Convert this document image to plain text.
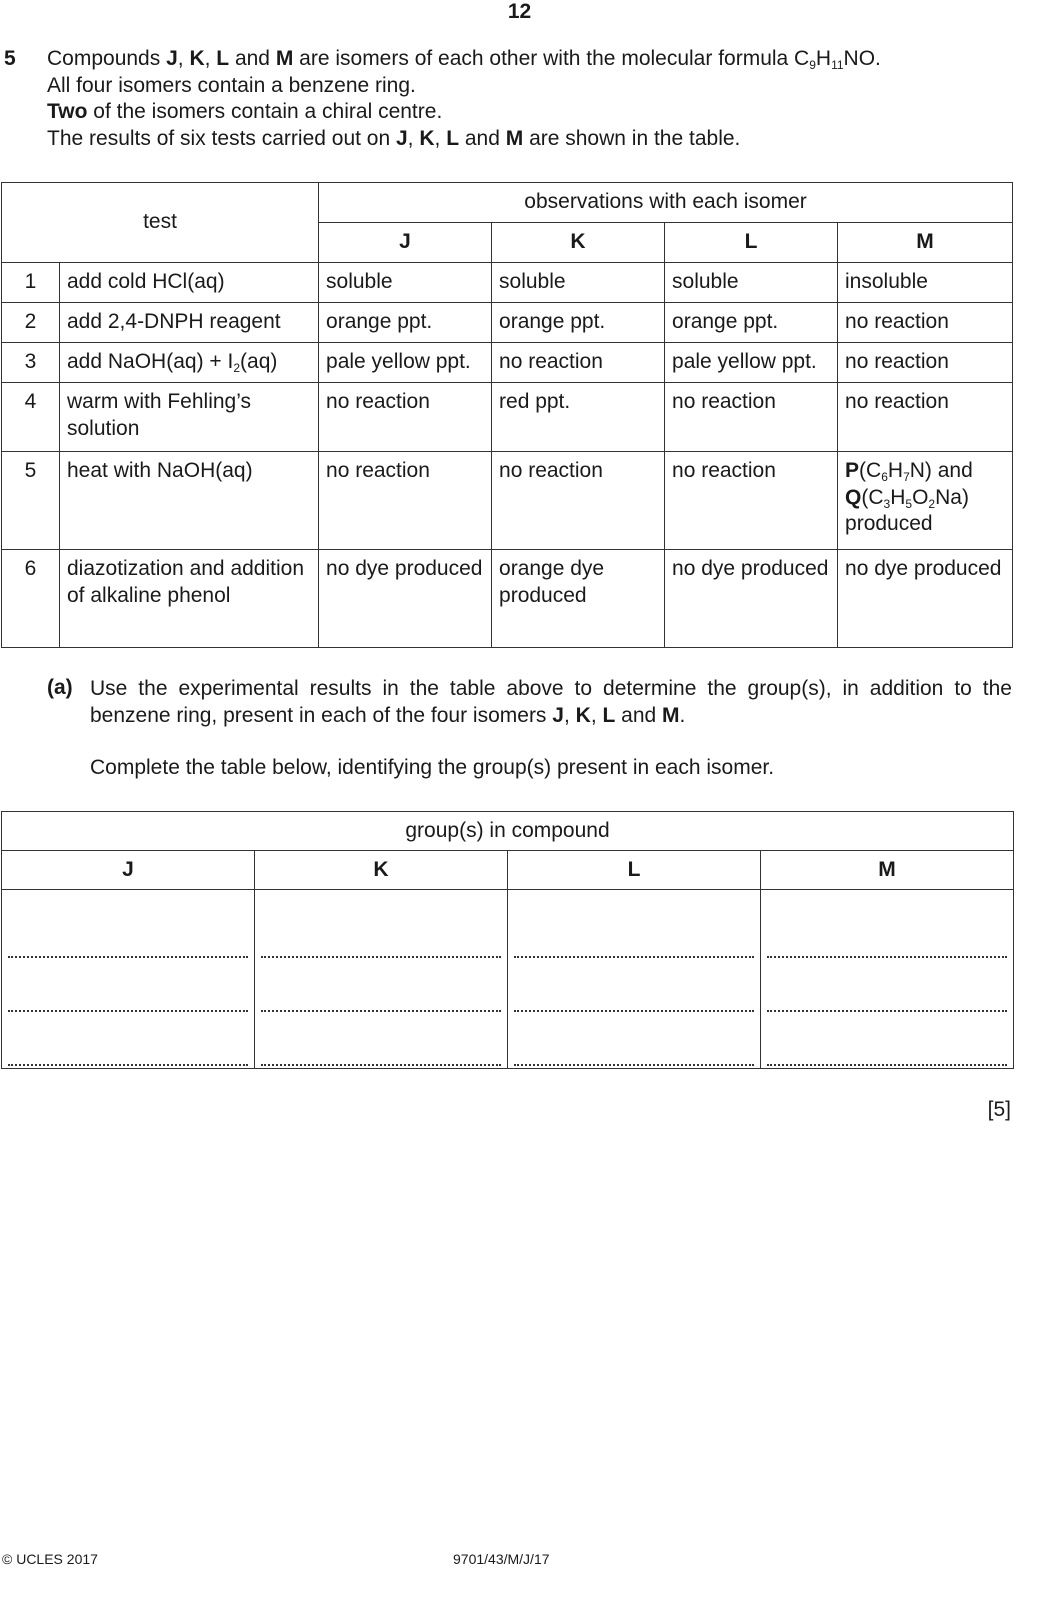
12
5 Compounds J, K, L and M are isomers of each other with the molecular formula $C_9H_{11}NO$.
All four isomers contain a benzene ring.
Two of the isomers contain a chiral centre.
The results of six tests carried out on J, K, L and M are shown in the table.
test		observations with each isomer			
		J	K	L	M
1	add cold HCl(aq)	soluble	soluble	soluble	insoluble
2	add 2,4-DNPH reagent	orange ppt.	orange ppt.	orange ppt.	no reaction
3	add NaOH(aq) + $I_2(aq)$	pale yellow ppt.	no reaction	pale yellow ppt.	no reaction
4	warm with Fehling’s solution	no reaction	red ppt.	no reaction	no reaction
5	heat with NaOH(aq)	no reaction	no reaction	no reaction	$P(C_6H_7N)$ and
$Q(C_3H_5O_2Na)$
produced

6	diazotization and addition of alkaline phenol	no dye produced	orange dye produced	no dye produced	no dye produced
(a) Use the experimental results in the table above to determine the group(s), in addition to the benzene ring, present in each of the four isomers J, K, L and M.
Complete the table below, identifying the group(s) present in each isomer.
group(s) in compound			
J	K	L	M

[5]
© UCLES 2017	9701/43/M/J/17
